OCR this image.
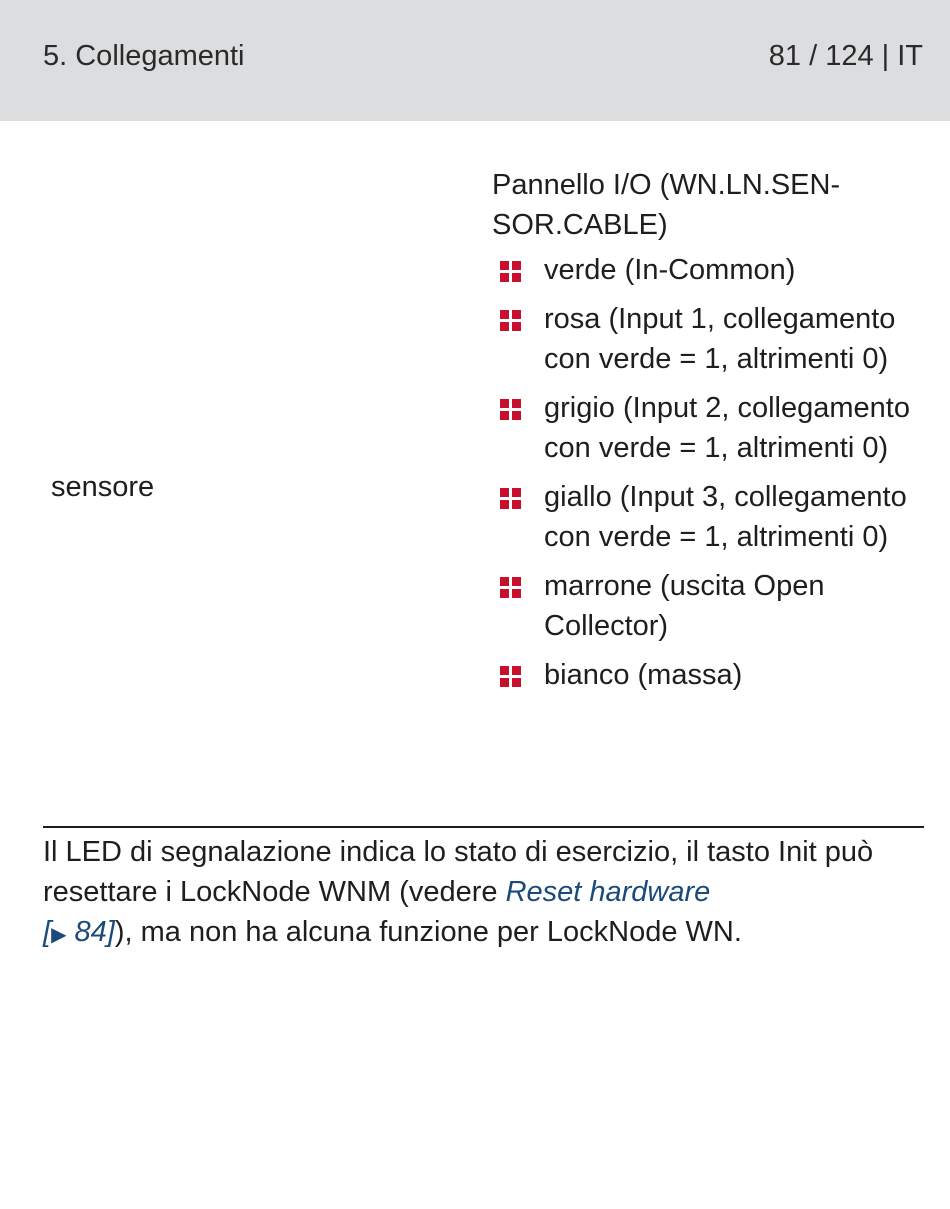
5. Collegamenti	81 / 124 | IT
sensore
Pannello I/O (WN.LN.SEN-SOR.CABLE)
verde (In-Common)
rosa (Input 1, collegamento con verde = 1, altrimenti 0)
grigio (Input 2, collegamento con verde = 1, altrimenti 0)
giallo (Input 3, collegamento con verde = 1, altrimenti 0)
marrone (uscita Open Collector)
bianco (massa)
Il LED di segnalazione indica lo stato di esercizio, il tasto Init può resettare i LockNode WNM (vedere Reset hardware
[▶ 84]), ma non ha alcuna funzione per LockNode WN.
